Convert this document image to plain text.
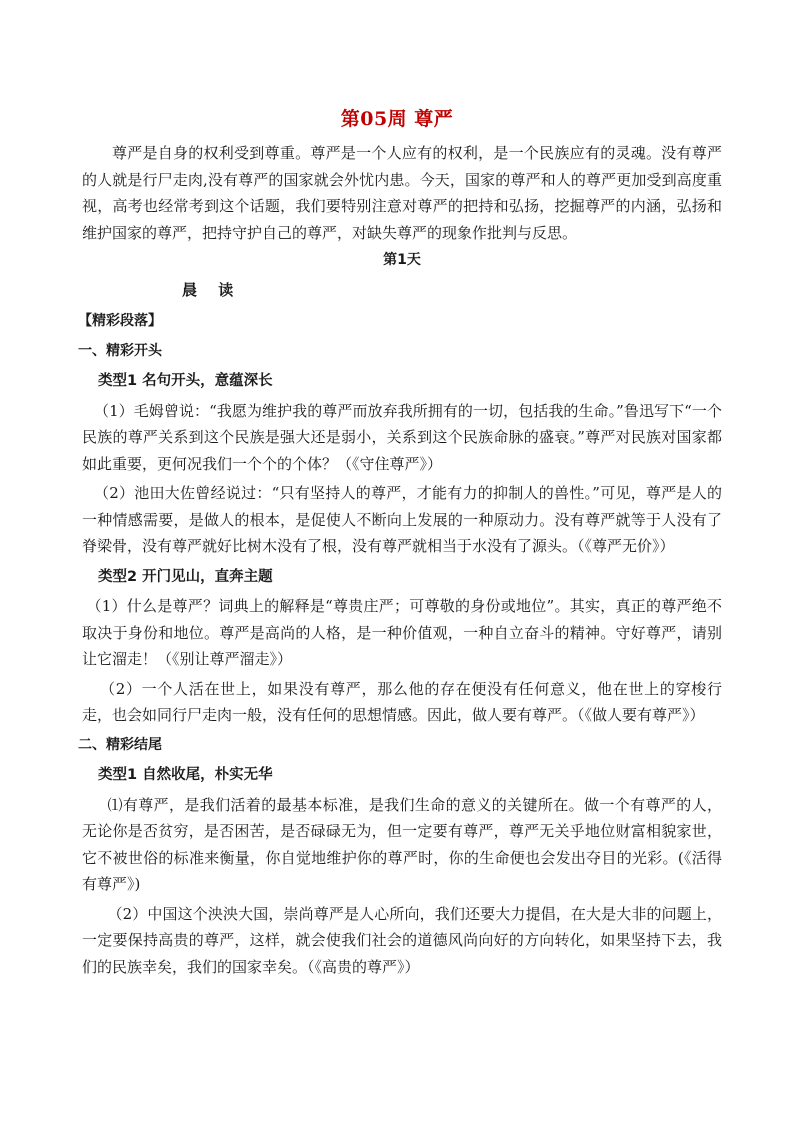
第05周 尊严

尊严是自身的权利受到尊重。尊严是一个人应有的权利，是一个民族应有的灵魂。没有尊严的人就是行尸走肉,没有尊严的国家就会外忧内患。今天，国家的尊严和人的尊严更加受到高度重视，高考也经常考到这个话题，我们要特别注意对尊严的把持和弘扬，挖掘尊严的内涵，弘扬和维护国家的尊严，把持守护自己的尊严，对缺失尊严的现象作批判与反思。

第1天

晨 读

【精彩段落】

一、精彩开头

类型1 名句开头，意蕴深长

（1）毛姆曾说：“我愿为维护我的尊严而放弃我所拥有的一切，包括我的生命。”鲁迅写下“一个民族的尊严关系到这个民族是强大还是弱小，关系到这个民族命脉的盛衰。”尊严对民族对国家都如此重要，更何况我们一个个的个体？（《守住尊严》）

（2）池田大佐曾经说过：“只有坚持人的尊严，才能有力的抑制人的兽性。”可见，尊严是人的一种情感需要，是做人的根本，是促使人不断向上发展的一种原动力。没有尊严就等于人没有了脊梁骨，没有尊严就好比树木没有了根，没有尊严就相当于水没有了源头。（《尊严无价》）

类型2 开门见山，直奔主题

（1）什么是尊严？词典上的解释是“尊贵庄严；可尊敬的身份或地位”。其实，真正的尊严绝不取决于身份和地位。尊严是高尚的人格，是一种价值观，一种自立奋斗的精神。守好尊严，请别让它溜走！（《别让尊严溜走》）

（2）一个人活在世上，如果没有尊严，那么他的存在便没有任何意义，他在世上的穿梭行走，也会如同行尸走肉一般，没有任何的思想情感。因此，做人要有尊严。（《做人要有尊严》）

二、精彩结尾

类型1 自然收尾，朴实无华

⑴有尊严，是我们活着的最基本标准，是我们生命的意义的关键所在。做一个有尊严的人，无论你是否贫穷，是否困苦，是否碌碌无为，但一定要有尊严，尊严无关乎地位财富相貌家世，它不被世俗的标准来衡量，你自觉地维护你的尊严时，你的生命便也会发出夺目的光彩。(《活得有尊严》)

（2）中国这个泱泱大国，崇尚尊严是人心所向，我们还要大力提倡，在大是大非的问题上，一定要保持高贵的尊严，这样，就会使我们社会的道德风尚向好的方向转化，如果坚持下去，我们的民族幸矣，我们的国家幸矣。（《高贵的尊严》）
